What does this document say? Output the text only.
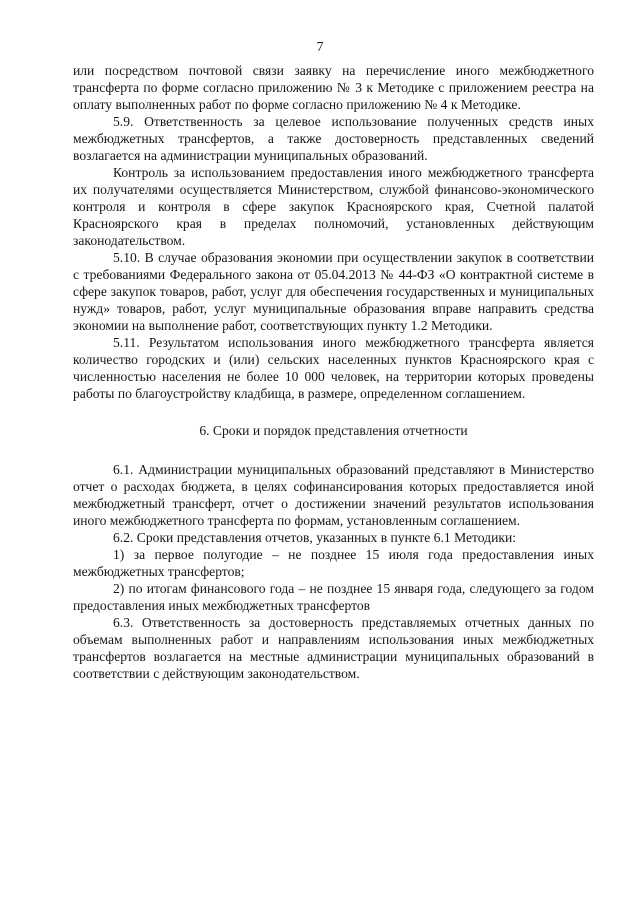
7

или посредством почтовой связи заявку на перечисление иного межбюджетного трансферта по форме согласно приложению № 3 к Методике с приложением реестра на оплату выполненных работ по форме согласно приложению № 4 к Методике.

5.9. Ответственность за целевое использование полученных средств иных межбюджетных трансфертов, а также достоверность представленных сведений возлагается на администрации муниципальных образований.

Контроль за использованием предоставления иного межбюджетного трансферта их получателями осуществляется Министерством, службой финансово-экономического контроля и контроля в сфере закупок Красноярского края, Счетной палатой Красноярского края в пределах полномочий, установленных действующим законодательством.

5.10. В случае образования экономии при осуществлении закупок в соответствии с требованиями Федерального закона от 05.04.2013 № 44-ФЗ «О контрактной системе в сфере закупок товаров, работ, услуг для обеспечения государственных и муниципальных нужд» товаров, работ, услуг муниципальные образования вправе направить средства экономии на выполнение работ, соответствующих пункту 1.2 Методики.

5.11. Результатом использования иного межбюджетного трансферта является количество городских и (или) сельских населенных пунктов Красноярского края с численностью населения не более 10 000 человек, на территории которых проведены работы по благоустройству кладбища, в размере, определенном соглашением.

6. Сроки и порядок представления отчетности

6.1. Администрации муниципальных образований представляют в Министерство отчет о расходах бюджета, в целях софинансирования которых предоставляется иной межбюджетный трансферт, отчет о достижении значений результатов использования иного межбюджетного трансферта по формам, установленным соглашением.

6.2. Сроки представления отчетов, указанных в пункте 6.1 Методики:

1) за первое полугодие – не позднее 15 июля года предоставления иных межбюджетных трансфертов;

2) по итогам финансового года – не позднее 15 января года, следующего за годом предоставления иных межбюджетных трансфертов

6.3. Ответственность за достоверность представляемых отчетных данных по объемам выполненных работ и направлениям использования иных межбюджетных трансфертов возлагается на местные администрации муниципальных образований в соответствии с действующим законодательством.
